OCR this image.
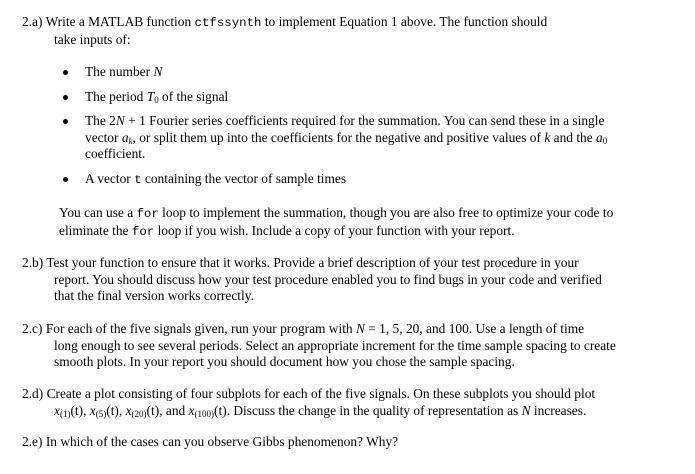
2.a) Write a MATLAB function ctfssynth to implement Equation 1 above. The function should
take inputs of:
The number N
The period $T_0$ of the signal
The 2N + 1 Fourier series coefficients required for the summation. You can send these in a single
vector $a_k$, or split them up into the coefficients for the negative and positive values of k and the $a_0$
coefficient.
A vector t containing the vector of sample times
You can use a for loop to implement the summation, though you are also free to optimize your code to
eliminate the for loop if you wish. Include a copy of your function with your report.
2.b) Test your function to ensure that it works. Provide a brief description of your test procedure in your
report. You should discuss how your test procedure enabled you to find bugs in your code and verified
that the final version works correctly.
2.c) For each of the five signals given, run your program with N = 1, 5, 20, and 100. Use a length of time
long enough to see several periods. Select an appropriate increment for the time sample spacing to create
smooth plots. In your report you should document how you chose the sample spacing.
2.d) Create a plot consisting of four subplots for each of the five signals. On these subplots you should plot
$x_{(1)}(t)$, $x_{(5)}(t)$, $x_{(20)}(t)$, and $x_{(100)}(t)$. Discuss the change in the quality of representation as N increases.
2.e) In which of the cases can you observe Gibbs phenomenon? Why?
